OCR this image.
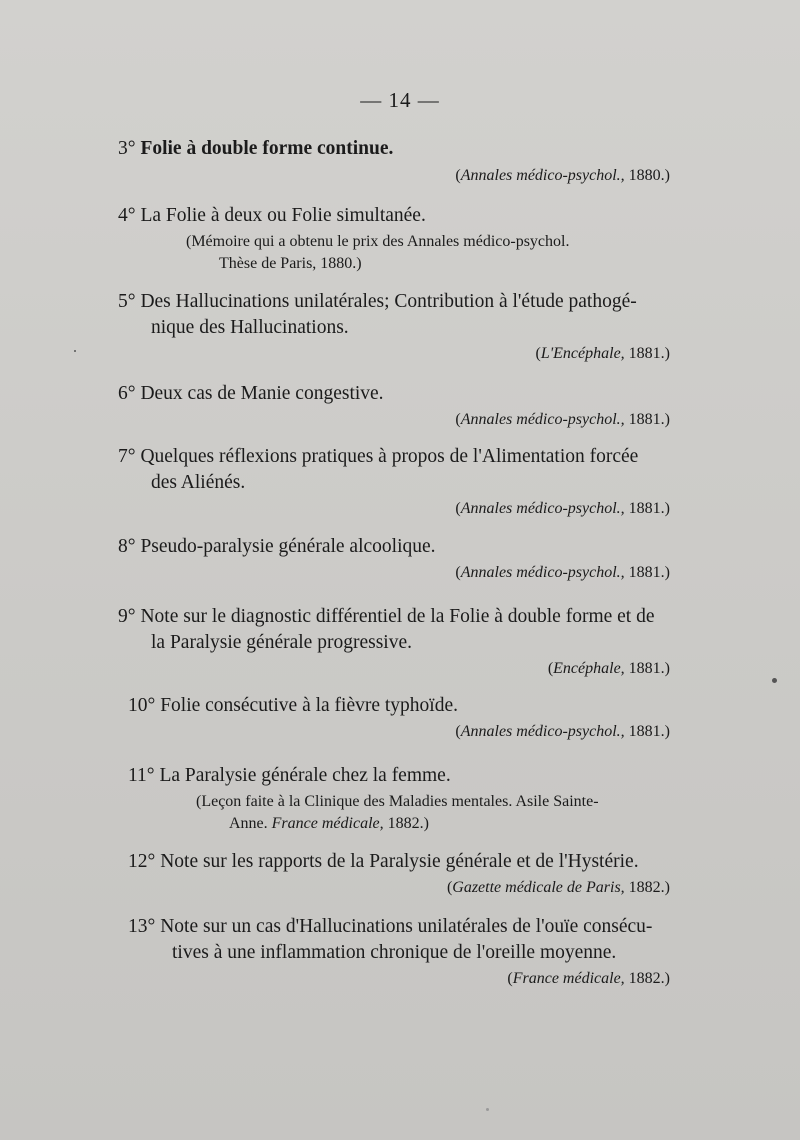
— 14 —
3° Folie à double forme continue.
(Annales médico-psychol., 1880.)
4° La Folie à deux ou Folie simultanée.
(Mémoire qui a obtenu le prix des Annales médico-psychol.
Thèse de Paris, 1880.)
5° Des Hallucinations unilatérales; Contribution à l'étude pathogé-
nique des Hallucinations.
(L'Encéphale, 1881.)
6° Deux cas de Manie congestive.
(Annales médico-psychol., 1881.)
7° Quelques réflexions pratiques à propos de l'Alimentation forcée
des Aliénés.
(Annales médico-psychol., 1881.)
8° Pseudo-paralysie générale alcoolique.
(Annales médico-psychol., 1881.)
9° Note sur le diagnostic différentiel de la Folie à double forme et de
la Paralysie générale progressive.
(Encéphale, 1881.)
10° Folie consécutive à la fièvre typhoïde.
(Annales médico-psychol., 1881.)
11° La Paralysie générale chez la femme.
(Leçon faite à la Clinique des Maladies mentales. Asile Sainte-
Anne. France médicale, 1882.)
12° Note sur les rapports de la Paralysie générale et de l'Hystérie.
(Gazette médicale de Paris, 1882.)
13° Note sur un cas d'Hallucinations unilatérales de l'ouïe consécu-
tives à une inflammation chronique de l'oreille moyenne.
(France médicale, 1882.)
